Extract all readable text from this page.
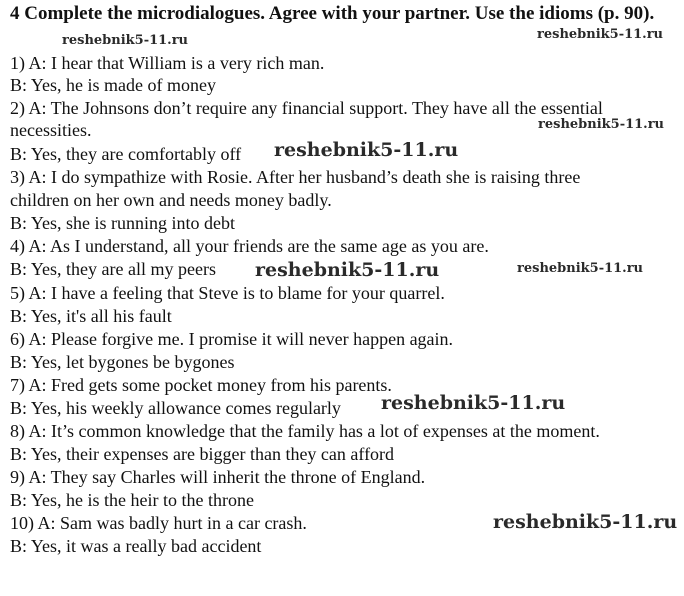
4 Complete the microdialogues. Agree with your partner. Use the idioms (p. 90).

1) A: I hear that William is a very rich man.
B: Yes, he is made of money
2) A: The Johnsons don’t require any financial support. They have all the essential
necessities.
B: Yes, they are comfortably off
3) A: I do sympathize with Rosie. After her husband’s death she is raising three
children on her own and needs money badly.
B: Yes, she is running into debt
4) A: As I understand, all your friends are the same age as you are.
B: Yes, they are all my peers
5) A: I have a feeling that Steve is to blame for your quarrel.
B: Yes, it's all his fault
6) A: Please forgive me. I promise it will never happen again.
B: Yes, let bygones be bygones
7) A: Fred gets some pocket money from his parents.
B: Yes, his weekly allowance comes regularly
8) A: It’s common knowledge that the family has a lot of expenses at the moment.
B: Yes, their expenses are bigger than they can afford
9) A: They say Charles will inherit the throne of England.
B: Yes, he is the heir to the throne
10) A: Sam was badly hurt in a car crash.
B: Yes, it was a really bad accident
reshebnik5-11.ru	reshebnik5-11.ru
reshebnik5-11.ru
reshebnik5-11.ru
reshebnik5-11.ru	reshebnik5-11.ru
reshebnik5-11.ru
reshebnik5-11.ru
